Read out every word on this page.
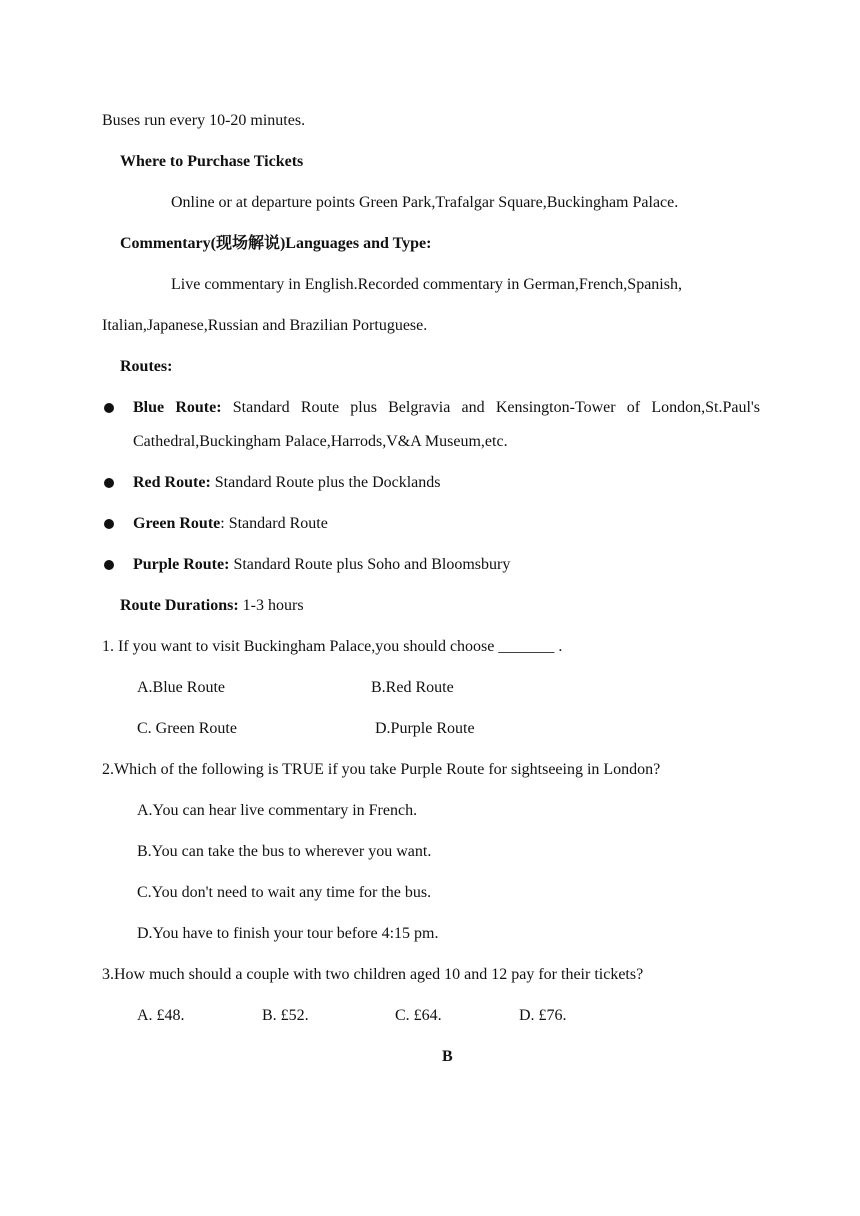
Buses run every 10-20 minutes.
Where to Purchase Tickets
Online or at departure points Green Park,Trafalgar Square,Buckingham Palace.
Commentary(现场解说)Languages and Type:
Live commentary in English.Recorded commentary in German,French,Spanish,
Italian,Japanese,Russian and Brazilian Portuguese.
Routes:
Blue Route: Standard Route plus Belgravia and Kensington-Tower of London,St.Paul's
Cathedral,Buckingham Palace,Harrods,V&A Museum,etc.
Red Route: Standard Route plus the Docklands
Green Route: Standard Route
Purple Route: Standard Route plus Soho and Bloomsbury
Route Durations: 1-3 hours
1. If you want to visit Buckingham Palace,you should choose _______ .
A.Blue Route	B.Red Route
C. Green Route	D.Purple Route
2.Which of the following is TRUE if you take Purple Route for sightseeing in London?
A.You can hear live commentary in French.
B.You can take the bus to wherever you want.
C.You don't need to wait any time for the bus.
D.You have to finish your tour before 4:15 pm.
3.How much should a couple with two children aged 10 and 12 pay for their tickets?
A. £48.	B. £52.	C. £64.	D. £76.
B
